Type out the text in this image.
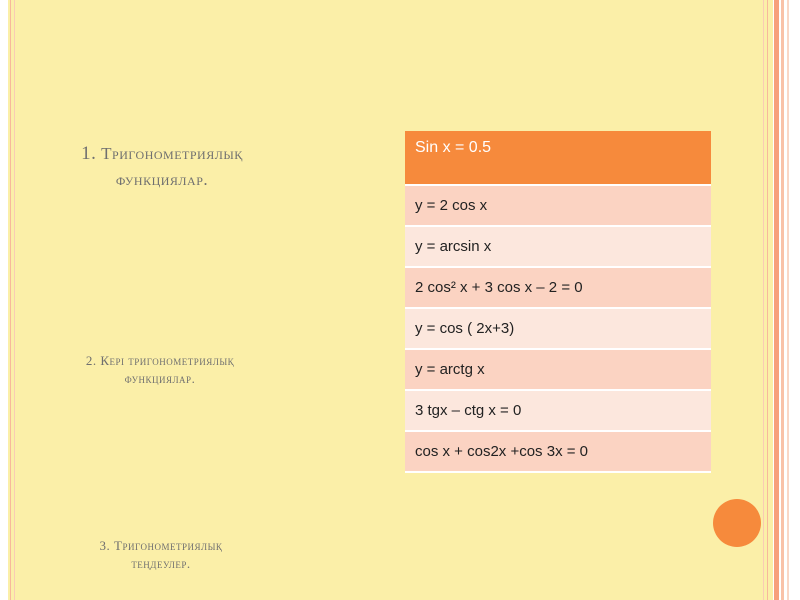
1. Тригонометриялық
функциялар.
2. Кері тригонометриялық
функциялар.
3. Тригонометриялық
теңдеулер.
Sin x = 0.5
y = 2 cos x
y = arcsin x
2 cos² x + 3 cos x – 2 = 0
y = cos ( 2x+3)
y = arctg x
3 tgx – ctg x = 0
cos x + cos2x +cos 3x = 0
